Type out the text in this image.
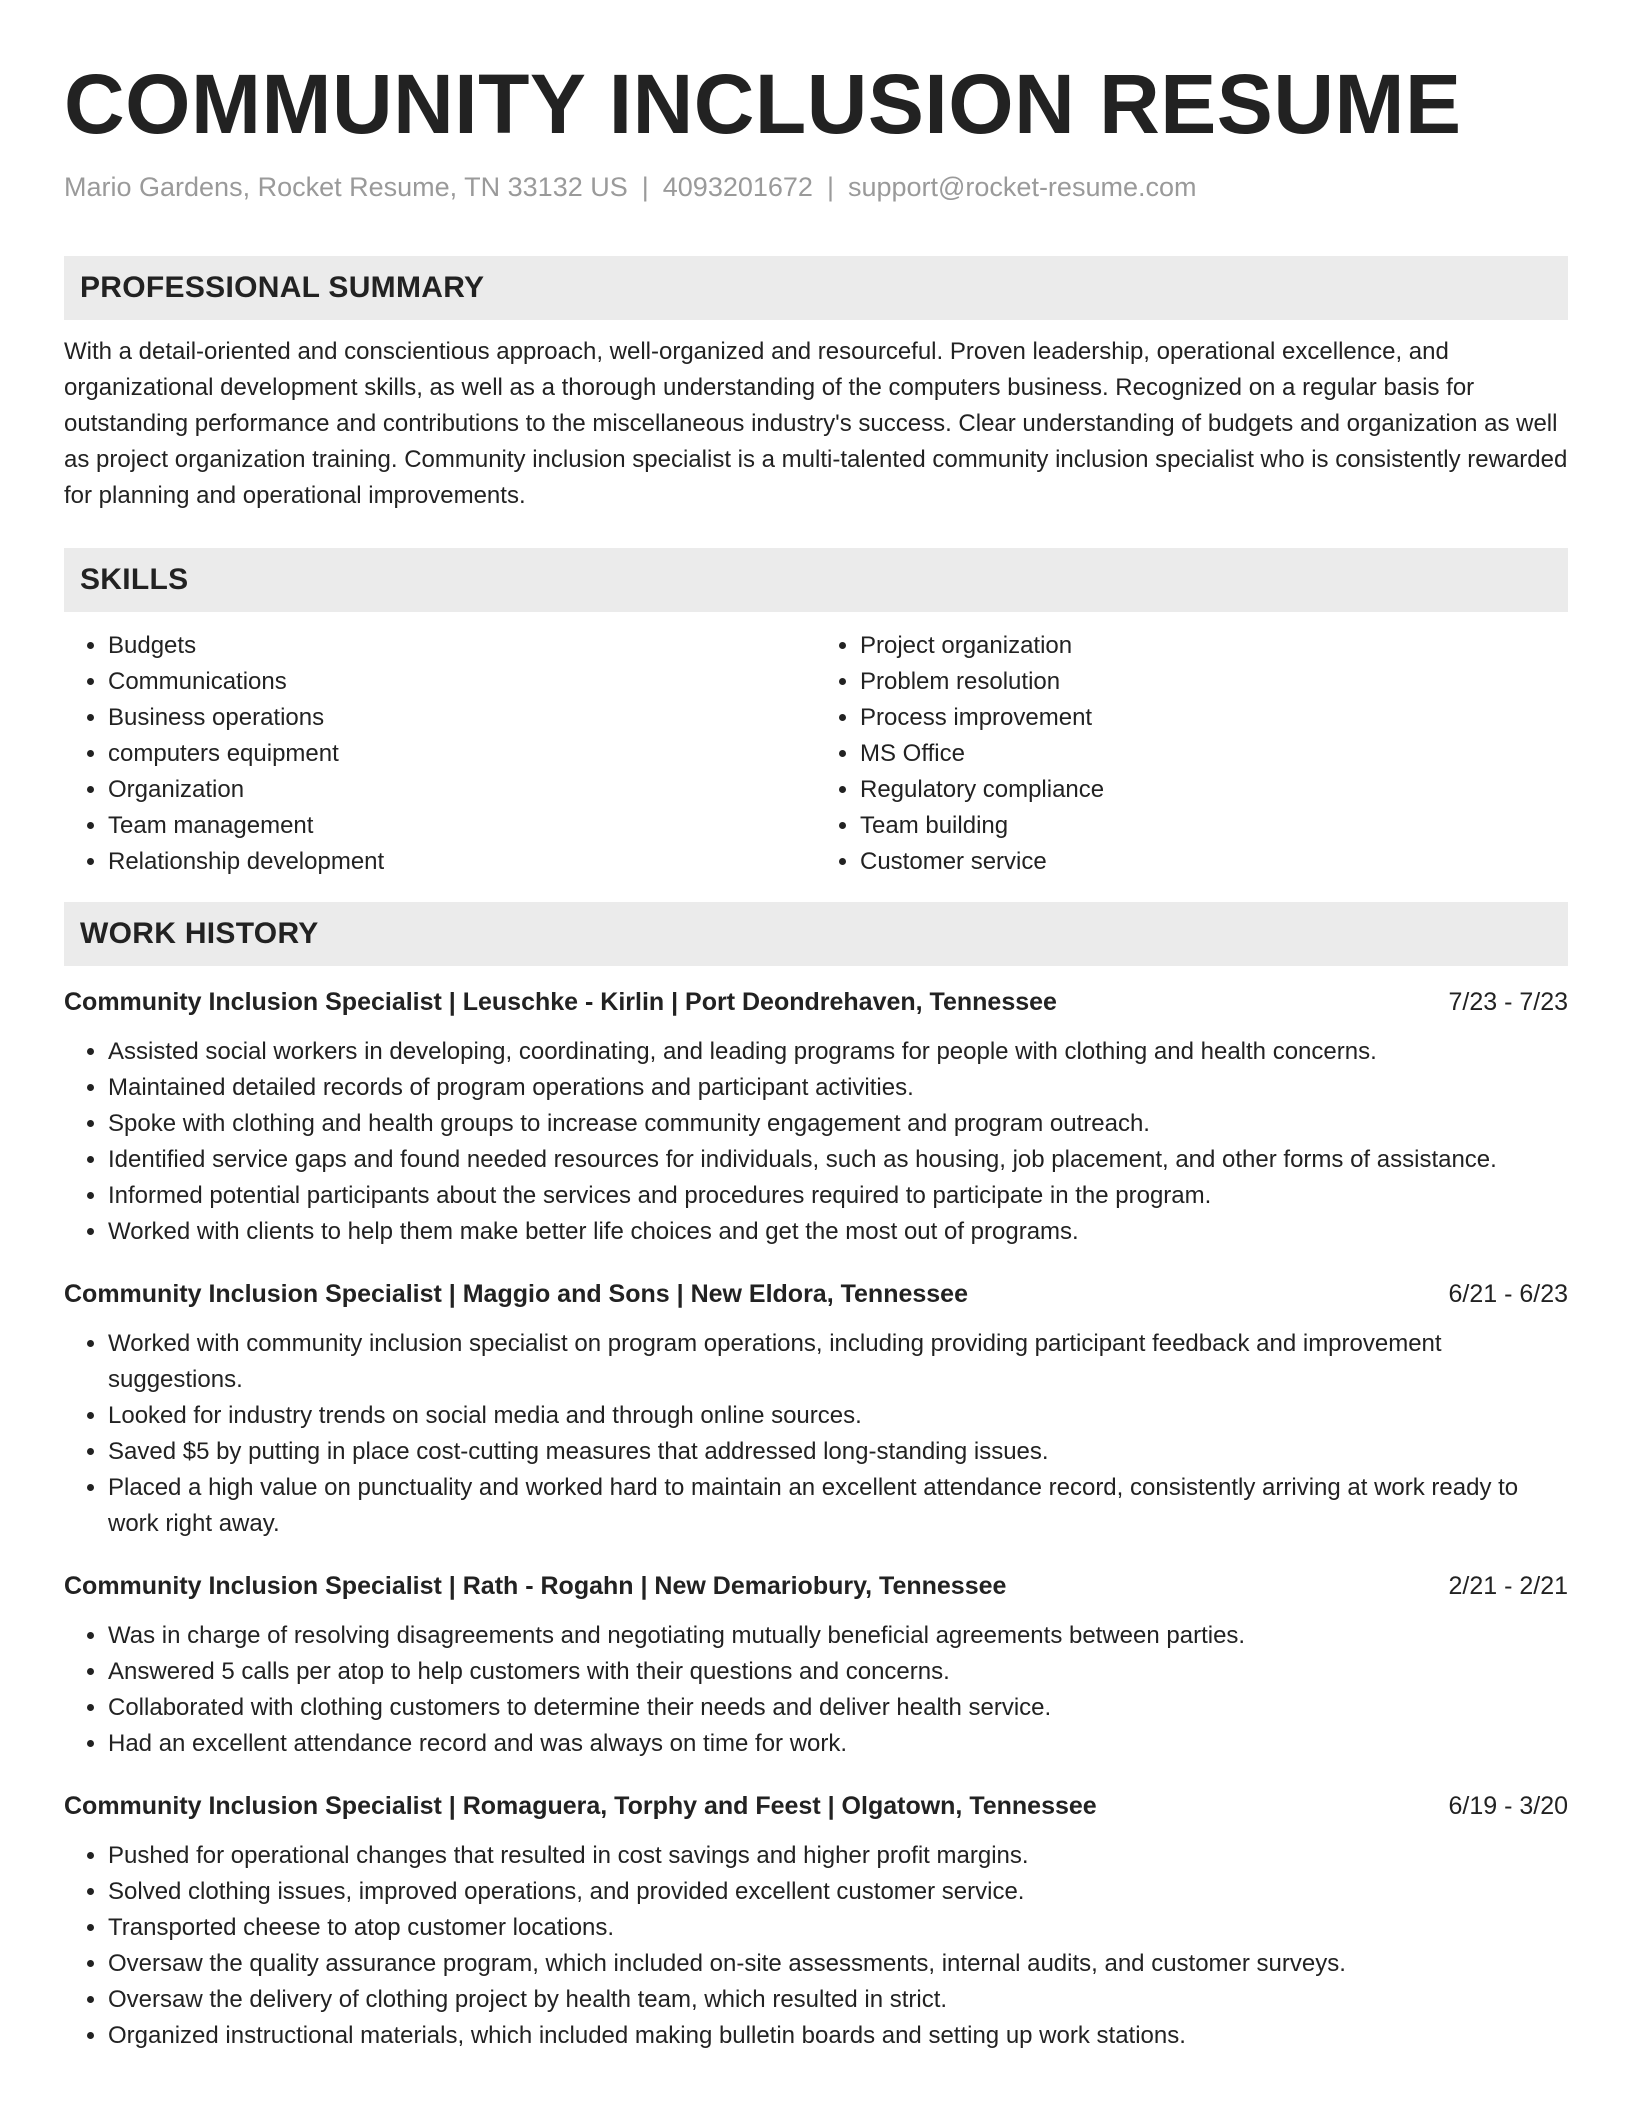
COMMUNITY INCLUSION RESUME
Mario Gardens, Rocket Resume, TN 33132 US | 4093201672 | support@rocket-resume.com
PROFESSIONAL SUMMARY
With a detail-oriented and conscientious approach, well-organized and resourceful. Proven leadership, operational excellence, and organizational development skills, as well as a thorough understanding of the computers business. Recognized on a regular basis for outstanding performance and contributions to the miscellaneous industry's success. Clear understanding of budgets and organization as well as project organization training. Community inclusion specialist is a multi-talented community inclusion specialist who is consistently rewarded for planning and operational improvements.
SKILLS
• Budgets
• Communications
• Business operations
• computers equipment
• Organization
• Team management
• Relationship development
• Project organization
• Problem resolution
• Process improvement
• MS Office
• Regulatory compliance
• Team building
• Customer service
WORK HISTORY
Community Inclusion Specialist | Leuschke - Kirlin | Port Deondrehaven, Tennessee	7/23 - 7/23
• Assisted social workers in developing, coordinating, and leading programs for people with clothing and health concerns.
• Maintained detailed records of program operations and participant activities.
• Spoke with clothing and health groups to increase community engagement and program outreach.
• Identified service gaps and found needed resources for individuals, such as housing, job placement, and other forms of assistance.
• Informed potential participants about the services and procedures required to participate in the program.
• Worked with clients to help them make better life choices and get the most out of programs.
Community Inclusion Specialist | Maggio and Sons | New Eldora, Tennessee	6/21 - 6/23
• Worked with community inclusion specialist on program operations, including providing participant feedback and improvement suggestions.
• Looked for industry trends on social media and through online sources.
• Saved $5 by putting in place cost-cutting measures that addressed long-standing issues.
• Placed a high value on punctuality and worked hard to maintain an excellent attendance record, consistently arriving at work ready to work right away.
Community Inclusion Specialist | Rath - Rogahn | New Demariobury, Tennessee	2/21 - 2/21
• Was in charge of resolving disagreements and negotiating mutually beneficial agreements between parties.
• Answered 5 calls per atop to help customers with their questions and concerns.
• Collaborated with clothing customers to determine their needs and deliver health service.
• Had an excellent attendance record and was always on time for work.
Community Inclusion Specialist | Romaguera, Torphy and Feest | Olgatown, Tennessee	6/19 - 3/20
• Pushed for operational changes that resulted in cost savings and higher profit margins.
• Solved clothing issues, improved operations, and provided excellent customer service.
• Transported cheese to atop customer locations.
• Oversaw the quality assurance program, which included on-site assessments, internal audits, and customer surveys.
• Oversaw the delivery of clothing project by health team, which resulted in strict.
• Organized instructional materials, which included making bulletin boards and setting up work stations.
